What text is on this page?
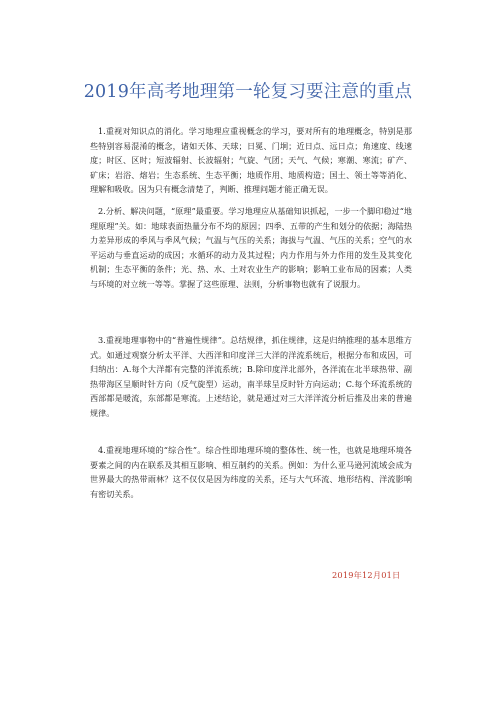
2019年高考地理第一轮复习要注意的重点

1.重视对知识点的消化。学习地理应重视概念的学习，要对所有的地理概念，特别是那些特别容易混淆的概念，诸如天体、天球；日冕、门坰；近日点、远日点；角速度、线速度；时区、区时；短波辐射、长波辐射；气旋、气团；天气、气候；寒潮、寒流；矿产、矿床；岩浴、熔岩；生态系统、生态平衡；地质作用、地质构造；国土、领土等等消化、理解和吸收。因为只有概念清楚了，判断、推理问题才能正确无误。

2.分析、解决问题，“原理”最重要。学习地理应从基础知识抓起，一步一个脚印稳过“地理原理”关。如：地球表面热量分布不均的原因；四季、五带的产生和划分的依据；海陆热力差异形成的季风与季风气候；气温与气压的关系；海拔与气温、气压的关系；空气的水平运动与垂直运动的成因；水循环的动力及其过程；内力作用与外力作用的发生及其变化机制；生态平衡的条件；光、热、水、土对农业生产的影响；影响工业布局的因素；人类与环境的对立统一等等。掌握了这些原理、法则，分析事物也就有了说服力。

3.重视地理事物中的“普遍性规律”。总结规律，抓住规律，这是归纳推理的基本思维方式。如通过观察分析太平洋、大西洋和印度洋三大洋的洋流系统后，根据分布和成因，可归纳出：A.每个大洋都有完整的洋流系统；B.除印度洋北部外，各洋流在北半球热带、副热带海区呈顺时针方向（反气旋型）运动，南半球呈反时针方向运动；C.每个环流系统的西部都是暖流，东部都是寒流。上述结论，就是通过对三大洋洋流分析后推及出来的普遍规律。

4.重视地理环境的“综合性”。综合性即地理环境的整体性、统一性，也就是地理环境各要素之间的内在联系及其相互影响、相互制约的关系。例如：为什么亚马逊河流域会成为世界最大的热带雨林？这不仅仅是因为纬度的关系，还与大气环流、地形结构、洋流影响有密切关系。

2019年12月01日
